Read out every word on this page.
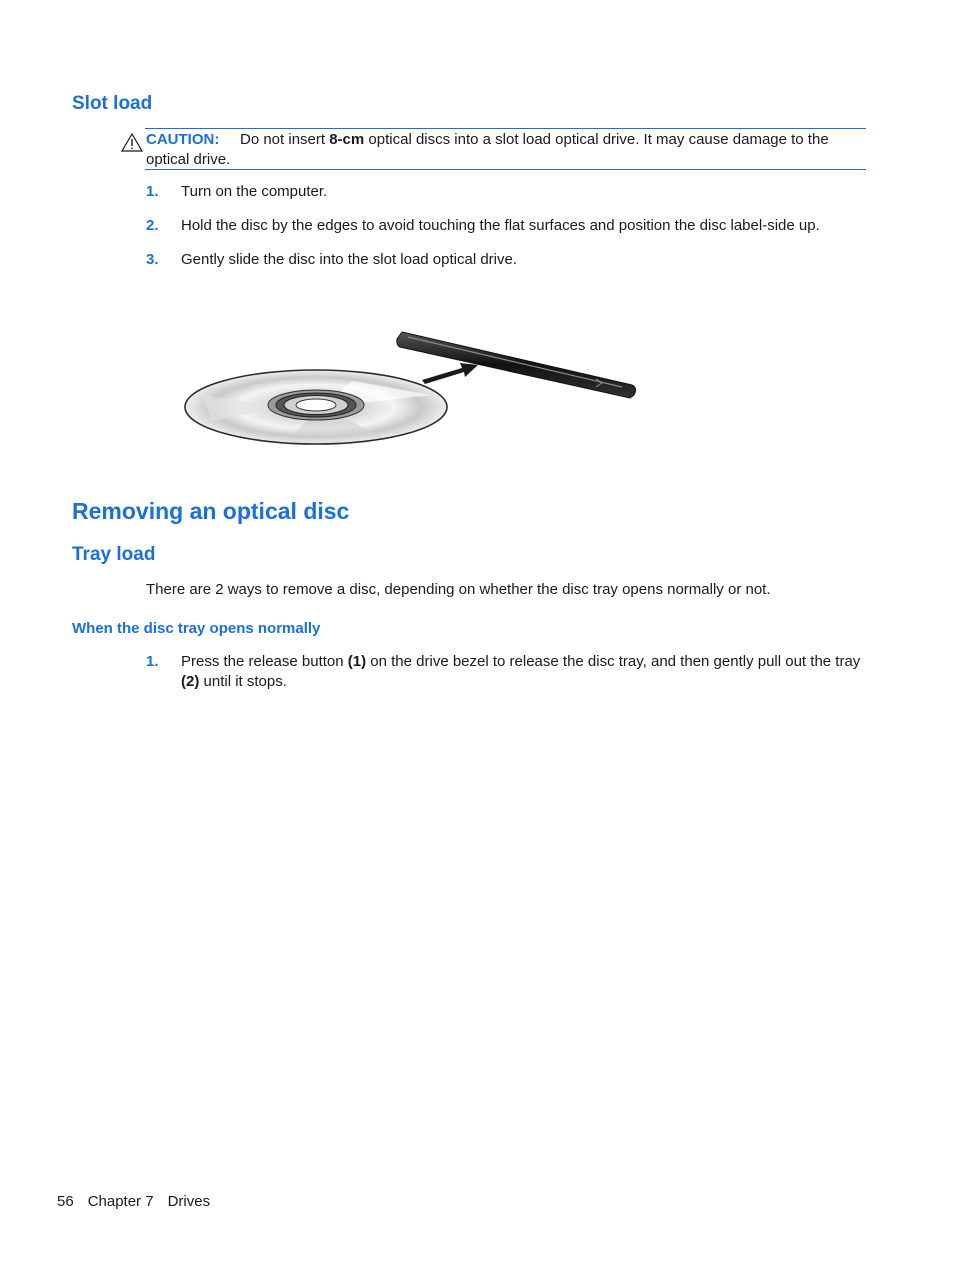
Slot load
CAUTION: Do not insert 8-cm optical discs into a slot load optical drive. It may cause damage to the optical drive.
1. Turn on the computer.
2. Hold the disc by the edges to avoid touching the flat surfaces and position the disc label-side up.
3. Gently slide the disc into the slot load optical drive.
Removing an optical disc
Tray load
There are 2 ways to remove a disc, depending on whether the disc tray opens normally or not.
When the disc tray opens normally
1. Press the release button (1) on the drive bezel to release the disc tray, and then gently pull out the tray (2) until it stops.
56 Chapter 7 Drives
